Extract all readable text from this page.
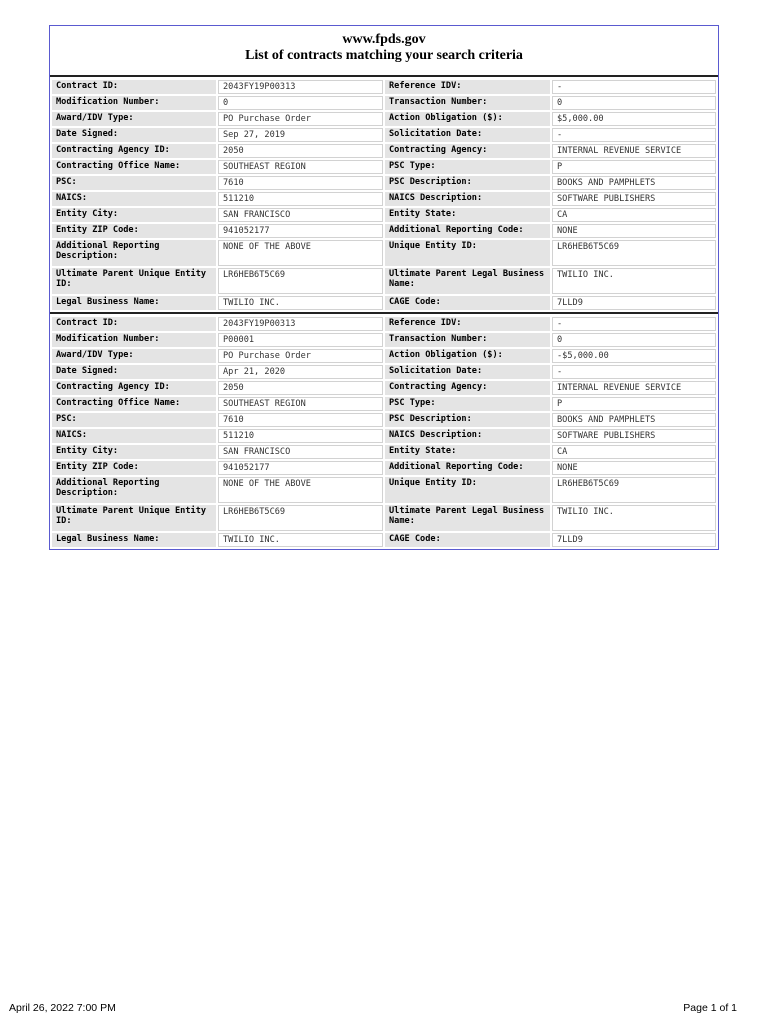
www.fpds.gov
List of contracts matching your search criteria
Contract ID:	2043FY19P00313	Reference IDV:	-
Modification Number:	0	Transaction Number:	0
Award/IDV Type:	PO Purchase Order	Action Obligation ($):	$5,000.00
Date Signed:	Sep 27, 2019	Solicitation Date:	-
Contracting Agency ID:	2050	Contracting Agency:	INTERNAL REVENUE SERVICE
Contracting Office Name:	SOUTHEAST REGION	PSC Type:	P
PSC:	7610	PSC Description:	BOOKS AND PAMPHLETS
NAICS:	511210	NAICS Description:	SOFTWARE PUBLISHERS
Entity City:	SAN FRANCISCO	Entity State:	CA
Entity ZIP Code:	941052177	Additional Reporting Code:	NONE
Additional Reporting Description:	NONE OF THE ABOVE	Unique Entity ID:	LR6HEB6T5C69
Ultimate Parent Unique Entity ID:	LR6HEB6T5C69	Ultimate Parent Legal Business Name:	TWILIO INC.
Legal Business Name:	TWILIO INC.	CAGE Code:	7LLD9
Contract ID:	2043FY19P00313	Reference IDV:	-
Modification Number:	P00001	Transaction Number:	0
Award/IDV Type:	PO Purchase Order	Action Obligation ($):	-$5,000.00
Date Signed:	Apr 21, 2020	Solicitation Date:	-
Contracting Agency ID:	2050	Contracting Agency:	INTERNAL REVENUE SERVICE
Contracting Office Name:	SOUTHEAST REGION	PSC Type:	P
PSC:	7610	PSC Description:	BOOKS AND PAMPHLETS
NAICS:	511210	NAICS Description:	SOFTWARE PUBLISHERS
Entity City:	SAN FRANCISCO	Entity State:	CA
Entity ZIP Code:	941052177	Additional Reporting Code:	NONE
Additional Reporting Description:	NONE OF THE ABOVE	Unique Entity ID:	LR6HEB6T5C69
Ultimate Parent Unique Entity ID:	LR6HEB6T5C69	Ultimate Parent Legal Business Name:	TWILIO INC.
Legal Business Name:	TWILIO INC.	CAGE Code:	7LLD9
April 26, 2022 7:00 PM	Page 1 of 1
